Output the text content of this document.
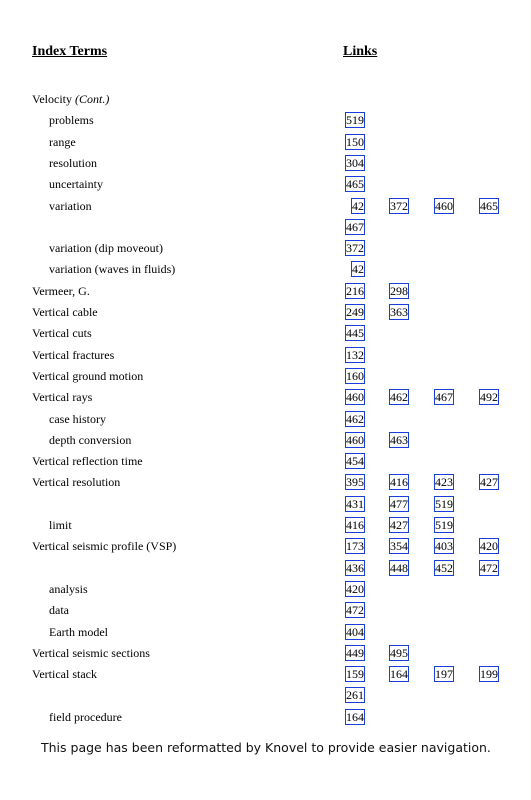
Index Terms	Links
Velocity (Cont.)
problems	519
range	150
resolution	304
uncertainty	465
variation	42 372 460 465
467
variation (dip moveout)	372
variation (waves in fluids)	42
Vermeer, G.	216 298
Vertical cable	249 363
Vertical cuts	445
Vertical fractures	132
Vertical ground motion	160
Vertical rays	460 462 467 492
case history	462
depth conversion	460 463
Vertical reflection time	454
Vertical resolution	395 416 423 427
431 477 519
limit	416 427 519
Vertical seismic profile (VSP)	173 354 403 420
436 448 452 472
analysis	420
data	472
Earth model	404
Vertical seismic sections	449 495
Vertical stack	159 164 197 199
261
field procedure	164
This page has been reformatted by Knovel to provide easier navigation.
